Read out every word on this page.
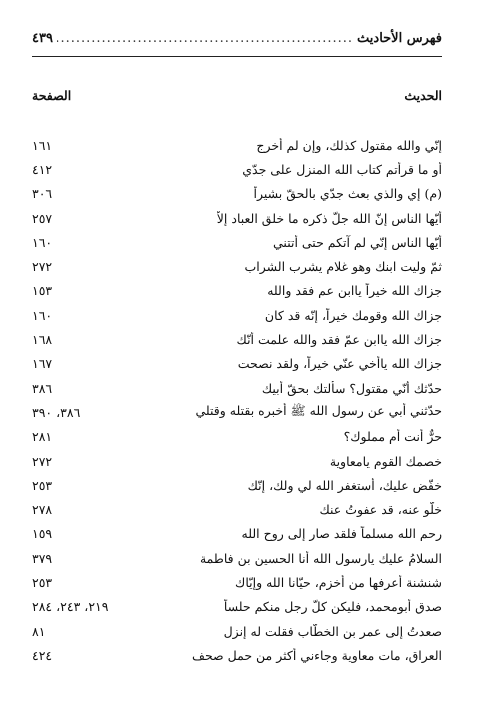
فهرس الأحاديث
.....
٤٣٩
الحديث
الصفحة
إنّي والله مقتول كذلك، وإن لم أخرج
١٦١
أو ما قرأتم كتاب الله المنزل على جدّي
٤١٢
(م) إي والذي بعث جدّي بالحقّ بشيراً
٣٠٦
أيّها الناس إنّ الله جلّ ذكره ما خلق العباد إلاّ
٢٥٧
أيّها الناس إنّي لم آتكم حتى أتتني
١٦٠
ثمّ وليت ابنك وهو غلام يشرب الشراب
٢٧٢
جزاك الله خيراً ياابن عم فقد والله
١٥٣
جزاك الله وقومك خيراً، إنّه قد كان
١٦٠
جزاك الله ياابن عمّ فقد والله علمت أنّك
١٦٨
جزاك الله ياأخي عنّي خيراً، ولقد نصحت
١٦٧
حدّثك أنّي مقتول؟ سألتك بحقّ أبيك
٣٨٦
حدّثني أبي عن رسول الله ﷺ أخبره بقتله وقتلي
٣٨٦، ٣٩٠
حرٌّ أنت أم مملوك؟
٢٨١
خصمك القوم يامعاوية
٢٧٢
خفّض عليك، أستغفر الله لي ولك، إنّك
٢٥٣
خلّو عنه، قد عفوتُ عنك
٢٧٨
رحم الله مسلماً فلقد صار إلى روح الله
١٥٩
السلامُ عليك يارسول الله أنا الحسين بن فاطمة
٣٧٩
شنشنة أعرفها من أخزم، حيّانا الله وإيّاك
٢٥٣
صدق أبومحمد، فليكن كلّ رجل منكم حلساً
٢١٩، ٢٤٣، ٢٨٤
صعدتُ إلى عمر بن الخطّاب فقلت له إنزل
٨١
العراق، مات معاوية وجاءني أكثر من حمل صحف
٤٢٤
